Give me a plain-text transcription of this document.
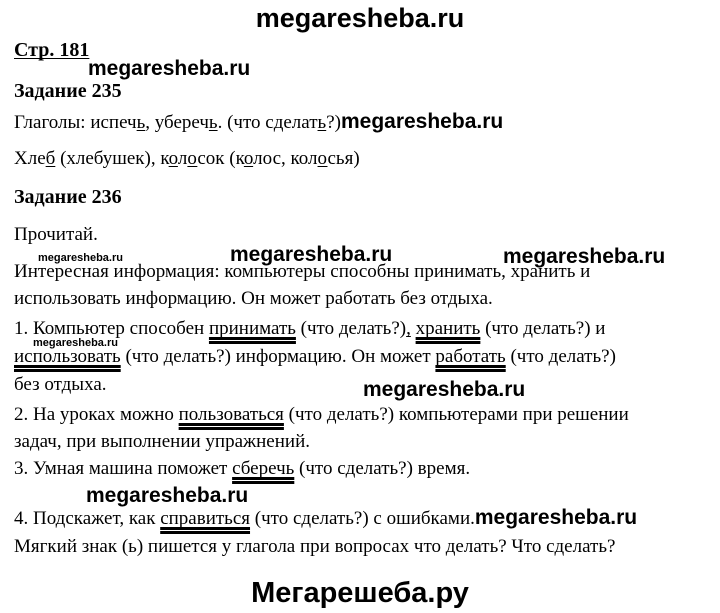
megaresheba.ru
Стр. 181
megaresheba.ru
Задание 235
Глаголы: испечь, уберечь. (что сделать?)megaresheba.ru
Хлеб (хлебушек), колосок (колос, колосья)
Задание 236
Прочитай.
megaresheba.ru	megaresheba.ru	megaresheba.ru
Интересная информация: компьютеры способны принимать, хранить и
использовать информацию. Он может работать без отдыха.
1. Компьютер способен принимать (что делать?), хранить (что делать?) и
megaresheba.ru
использовать (что делать?) информацию. Он может работать (что делать?)
без отдыха.	megaresheba.ru
2. На уроках можно пользоваться (что делать?) компьютерами при решении
задач, при выполнении упражнений.
3. Умная машина поможет сберечь (что сделать?) время.
megaresheba.ru
4. Подскажет, как справиться (что сделать?) с ошибками.megaresheba.ru
Мягкий знак (ь) пишется у глагола при вопросах что делать? Что сделать?
Мегарешеба.ру
